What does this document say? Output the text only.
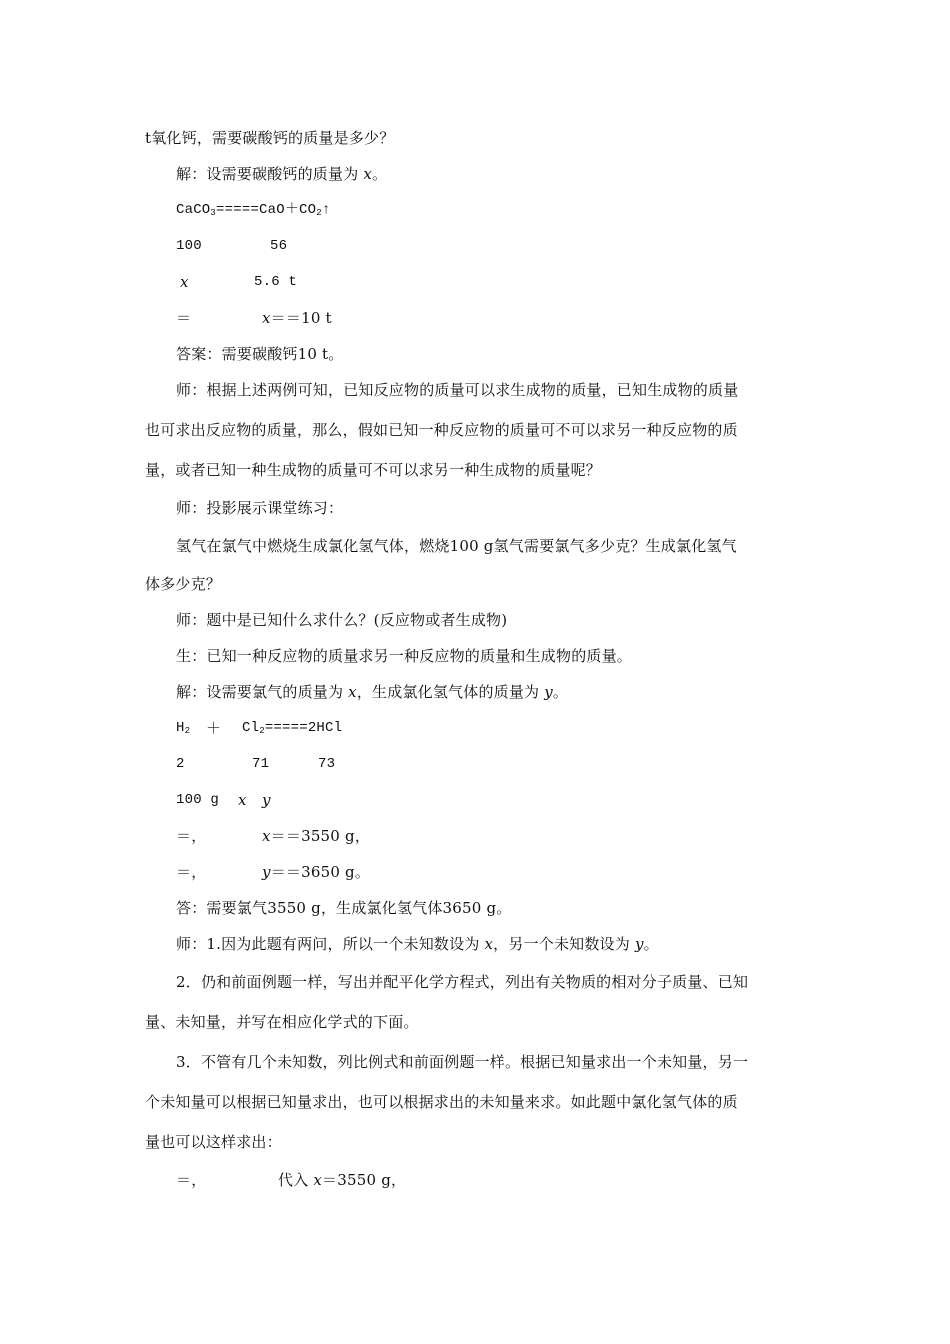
t氧化钙，需要碳酸钙的质量是多少？
解：设需要碳酸钙的质量为 x。
$CaCO_3=====CaO+CO_2↑$
100	56
x	5.6 t
＝	x＝＝10 t
答案：需要碳酸钙10 t。
师：根据上述两例可知，已知反应物的质量可以求生成物的质量，已知生成物的质量
也可求出反应物的质量，那么，假如已知一种反应物的质量可不可以求另一种反应物的质
量，或者已知一种生成物的质量可不可以求另一种生成物的质量呢？
师：投影展示课堂练习：
氢气在氯气中燃烧生成氯化氢气体，燃烧100 g氢气需要氯气多少克？生成氯化氢气
体多少克？
师：题中是已知什么求什么？(反应物或者生成物)
生：已知一种反应物的质量求另一种反应物的质量和生成物的质量。
解：设需要氯气的质量为 x，生成氯化氢气体的质量为 y。
$H_2 + Cl_2=====2HCl$
2	71	73
100 g x y
＝，	x＝＝3550 g，
＝，	y＝＝3650 g。
答：需要氯气3550 g，生成氯化氢气体3650 g。
师：1.因为此题有两问，所以一个未知数设为 x，另一个未知数设为 y。
2．仍和前面例题一样，写出并配平化学方程式，列出有关物质的相对分子质量、已知
量、未知量，并写在相应化学式的下面。
3．不管有几个未知数，列比例式和前面例题一样。根据已知量求出一个未知量，另一
个未知量可以根据已知量求出，也可以根据求出的未知量来求。如此题中氯化氢气体的质
量也可以这样求出：
＝，	代入 x＝3550 g，
